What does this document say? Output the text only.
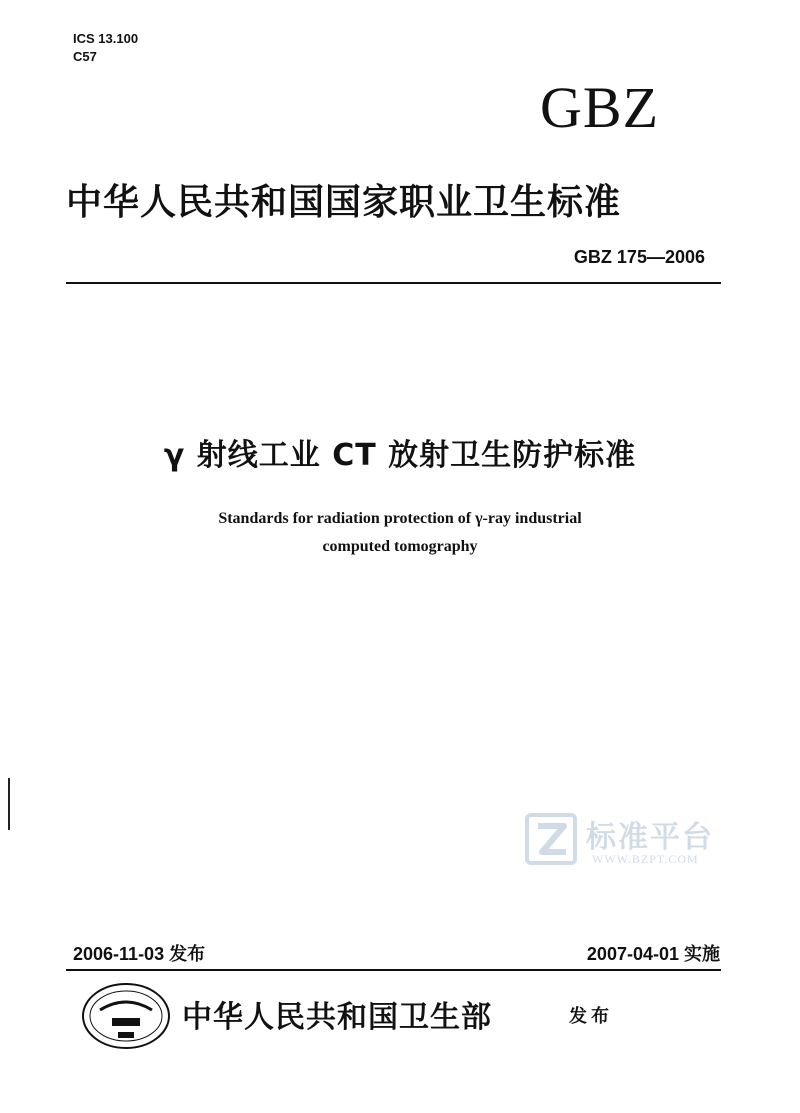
ICS 13.100
C57
GBZ
中华人民共和国国家职业卫生标准
GBZ 175—2006
γ 射线工业 CT 放射卫生防护标准
Standards for radiation protection of γ-ray industrial
computed tomography
标准平台
WWW.BZPT.COM
2006-11-03 发布	2007-04-01 实施
中华人民共和国卫生部	发布
